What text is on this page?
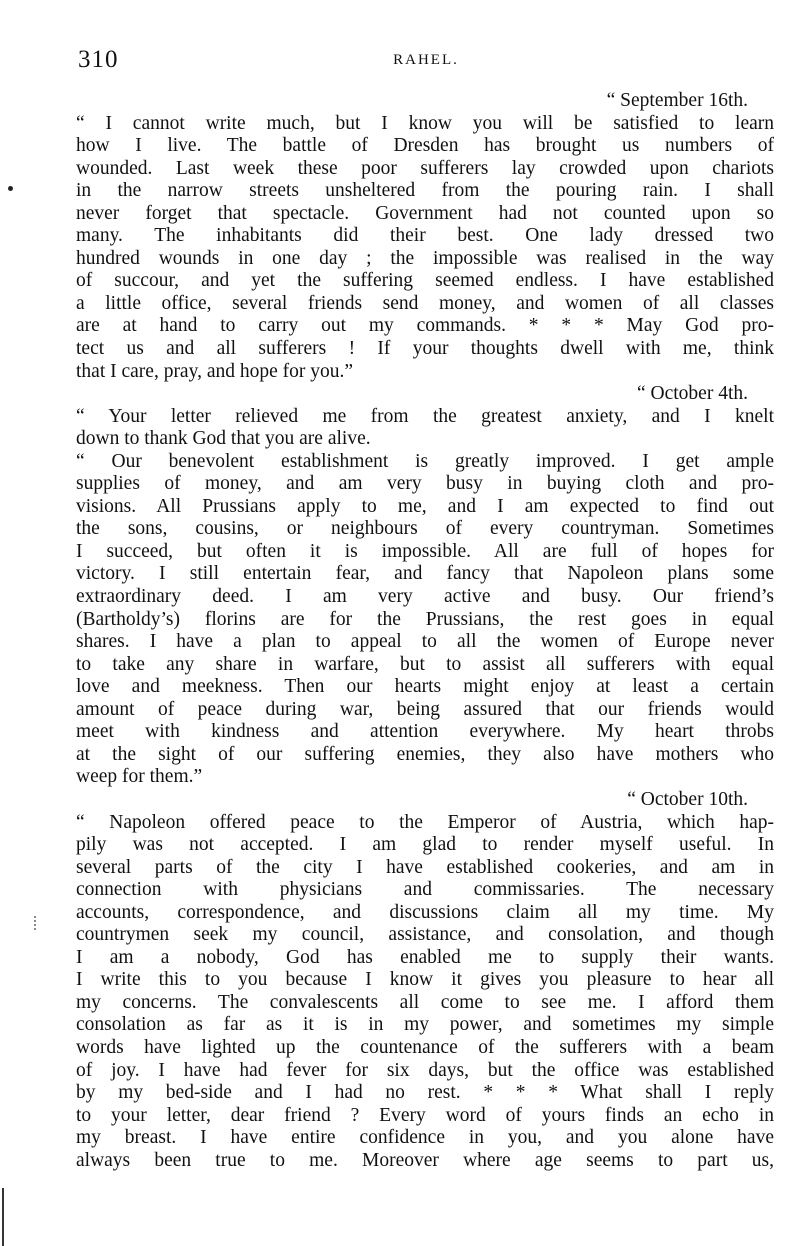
310	RAHEL.
“ September 16th.
“ I cannot write much, but I know you will be satisfied to learn
how I live. The battle of Dresden has brought us numbers of
wounded. Last week these poor sufferers lay crowded upon chariots
in the narrow streets unsheltered from the pouring rain. I shall
never forget that spectacle. Government had not counted upon so
many. The inhabitants did their best. One lady dressed two
hundred wounds in one day ; the impossible was realised in the way
of succour, and yet the suffering seemed endless. I have established
a little office, several friends send money, and women of all classes
are at hand to carry out my commands. * * * May God pro-
tect us and all sufferers ! If your thoughts dwell with me, think
that I care, pray, and hope for you.”
“ October 4th.
“ Your letter relieved me from the greatest anxiety, and I knelt
down to thank God that you are alive.
“ Our benevolent establishment is greatly improved. I get ample
supplies of money, and am very busy in buying cloth and pro-
visions. All Prussians apply to me, and I am expected to find out
the sons, cousins, or neighbours of every countryman. Sometimes
I succeed, but often it is impossible. All are full of hopes for
victory. I still entertain fear, and fancy that Napoleon plans some
extraordinary deed. I am very active and busy. Our friend’s
(Bartholdy’s) florins are for the Prussians, the rest goes in equal
shares. I have a plan to appeal to all the women of Europe never
to take any share in warfare, but to assist all sufferers with equal
love and meekness. Then our hearts might enjoy at least a certain
amount of peace during war, being assured that our friends would
meet with kindness and attention everywhere. My heart throbs
at the sight of our suffering enemies, they also have mothers who
weep for them.”
“ October 10th.
“ Napoleon offered peace to the Emperor of Austria, which hap-
pily was not accepted. I am glad to render myself useful. In
several parts of the city I have established cookeries, and am in
connection with physicians and commissaries. The necessary
accounts, correspondence, and discussions claim all my time. My
countrymen seek my council, assistance, and consolation, and though
I am a nobody, God has enabled me to supply their wants.
I write this to you because I know it gives you pleasure to hear all
my concerns. The convalescents all come to see me. I afford them
consolation as far as it is in my power, and sometimes my simple
words have lighted up the countenance of the sufferers with a beam
of joy. I have had fever for six days, but the office was established
by my bed-side and I had no rest. * * * What shall I reply
to your letter, dear friend ? Every word of yours finds an echo in
my breast. I have entire confidence in you, and you alone have
always been true to me. Moreover where age seems to part us,
